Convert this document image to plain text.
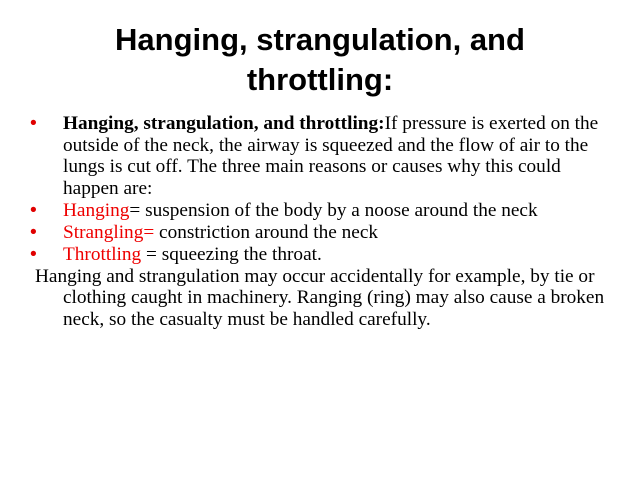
Hanging, strangulation, and
throttling:
• Hanging, strangulation, and throttling:If pressure is exerted on the outside of the neck, the airway is squeezed and the flow of air to the lungs is cut off. The three main reasons or causes why this could happen are:
• Hanging= suspension of the body by a noose around the neck
• Strangling= constriction around the neck
• Throttling = squeezing the throat.
Hanging and strangulation may occur accidentally for example, by tie or clothing caught in machinery. Ranging (ring) may also cause a broken neck, so the casualty must be handled carefully.
